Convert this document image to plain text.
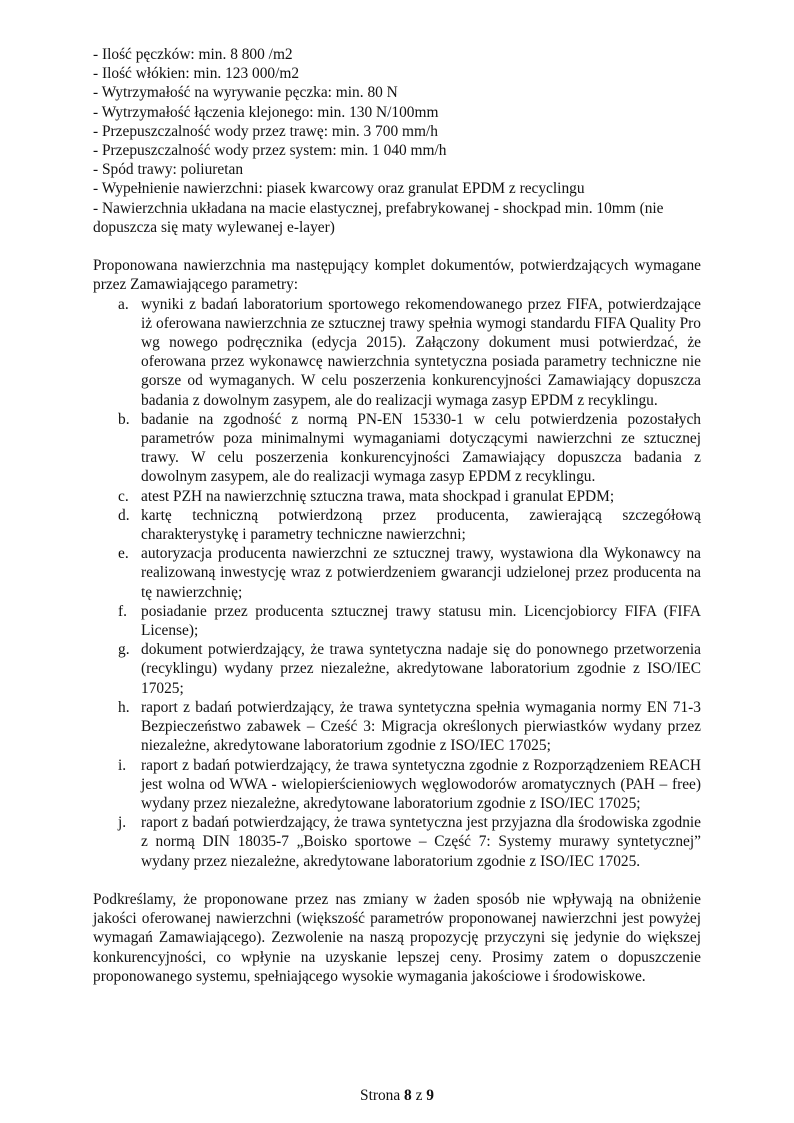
- Ilość pęczków: min. 8 800 /m2
- Ilość włókien: min. 123 000/m2
- Wytrzymałość na wyrywanie pęczka: min. 80 N
- Wytrzymałość łączenia klejonego: min. 130 N/100mm
- Przepuszczalność wody przez trawę: min. 3 700 mm/h
- Przepuszczalność wody przez system: min. 1 040 mm/h
- Spód trawy: poliuretan
- Wypełnienie nawierzchni: piasek kwarcowy oraz granulat EPDM z recyclingu
- Nawierzchnia układana na macie elastycznej, prefabrykowanej - shockpad min. 10mm (nie dopuszcza się maty wylewanej e-layer)

Proponowana nawierzchnia ma następujący komplet dokumentów, potwierdzających wymagane przez Zamawiającego parametry:

a. wyniki z badań laboratorium sportowego rekomendowanego przez FIFA, potwierdzające iż oferowana nawierzchnia ze sztucznej trawy spełnia wymogi standardu FIFA Quality Pro wg nowego podręcznika (edycja 2015). Załączony dokument musi potwierdzać, że oferowana przez wykonawcę nawierzchnia syntetyczna posiada parametry techniczne nie gorsze od wymaganych. W celu poszerzenia konkurencyjności Zamawiający dopuszcza badania z dowolnym zasypem, ale do realizacji wymaga zasyp EPDM z recyklingu.
b. badanie na zgodność z normą PN-EN 15330-1 w celu potwierdzenia pozostałych parametrów poza minimalnymi wymaganiami dotyczącymi nawierzchni ze sztucznej trawy. W celu poszerzenia konkurencyjności Zamawiający dopuszcza badania z dowolnym zasypem, ale do realizacji wymaga zasyp EPDM z recyklingu.
c. atest PZH na nawierzchnię sztuczna trawa, mata shockpad i granulat EPDM;
d. kartę techniczną potwierdzoną przez producenta, zawierającą szczegółową charakterystykę i parametry techniczne nawierzchni;
e. autoryzacja producenta nawierzchni ze sztucznej trawy, wystawiona dla Wykonawcy na realizowaną inwestycję wraz z potwierdzeniem gwarancji udzielonej przez producenta na tę nawierzchnię;
f. posiadanie przez producenta sztucznej trawy statusu min. Licencjobiorcy FIFA (FIFA License);
g. dokument potwierdzający, że trawa syntetyczna nadaje się do ponownego przetworzenia (recyklingu) wydany przez niezależne, akredytowane laboratorium zgodnie z ISO/IEC 17025;
h. raport z badań potwierdzający, że trawa syntetyczna spełnia wymagania normy EN 71-3 Bezpieczeństwo zabawek – Cześć 3: Migracja określonych pierwiastków wydany przez niezależne, akredytowane laboratorium zgodnie z ISO/IEC 17025;
i. raport z badań potwierdzający, że trawa syntetyczna zgodnie z Rozporządzeniem REACH jest wolna od WWA - wielopierścieniowych węglowodorów aromatycznych (PAH – free) wydany przez niezależne, akredytowane laboratorium zgodnie z ISO/IEC 17025;
j. raport z badań potwierdzający, że trawa syntetyczna jest przyjazna dla środowiska zgodnie z normą DIN 18035-7 „Boisko sportowe – Część 7: Systemy murawy syntetycznej” wydany przez niezależne, akredytowane laboratorium zgodnie z ISO/IEC 17025.

Podkreślamy, że proponowane przez nas zmiany w żaden sposób nie wpływają na obniżenie jakości oferowanej nawierzchni (większość parametrów proponowanej nawierzchni jest powyżej wymagań Zamawiającego). Zezwolenie na naszą propozycję przyczyni się jedynie do większej konkurencyjności, co wpłynie na uzyskanie lepszej ceny. Prosimy zatem o dopuszczenie proponowanego systemu, spełniającego wysokie wymagania jakościowe i środowiskowe.

Strona 8 z 9
